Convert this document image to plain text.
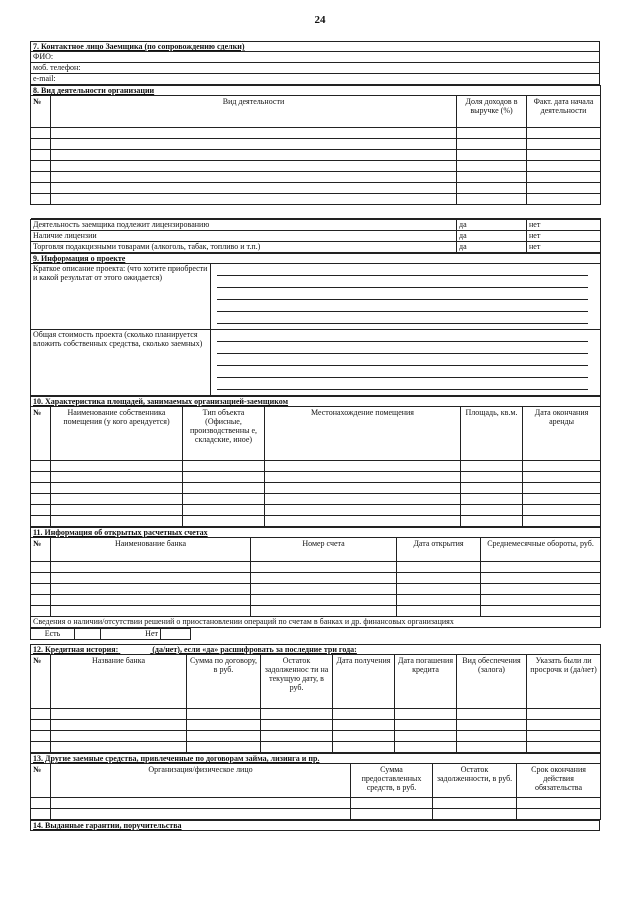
24
7. Контактное лицо Заемщика (по сопровождению сделки)
ФИО:
моб. телефон:
e-mail:
8. Вид деятельности организации			
№	Вид деятельности	Доля доходов в выручке (%)	Факт. дата начала деятельности

Деятельность заемщика подлежит лицензированию	да	нет
Наличие лицензии	да	нет
Торговля подакцизными товарами (алкоголь, табак, топливо и т.п.)	да	нет
9. Информация о проекте	
Краткое описание проекта: (что хотите приобрести и какой результат от этого ожидается)	

Общая стоимость проекта (сколько планируется вложить собственных средства, сколько заемных)	
10. Характеристика площадей, занимаемых организацией-заемщиком					
№	Наименование собственника помещения (у кого арендуется)	Тип объекта (Офисные, производственны е, складские, иное)	Местонахождение помещения	Площадь, кв.м.	Дата окончания аренды

11. Информация об открытых расчетных счетах				
№	Наименование банка	Номер счета	Дата открытия	Среднемесячные обороты, руб.

Сведения о наличии/отсутствии решений о приостановлении операций по счетам в банках и др. финансовых организациях				
Есть		Нет		
12. Кредитная история: (да/нет), если «да» расшифровать за последние три года:							
№	Название банка	Сумма по договору, в руб.	Остаток задолженнос ти на текущую дату, в руб.	Дата получения	Дата погашения кредита	Вид обеспечения (залога)	Указать были ли просрочк и (да/нет)

13. Другие заемные средства, привлеченные по договорам займа, лизинга и пр.				
№	Организация/физическое лицо	Сумма предоставленных средств, в руб.	Остаток задолженности, в руб.	Срок окончания действия обязательства

14. Выданные гарантии, поручительства
